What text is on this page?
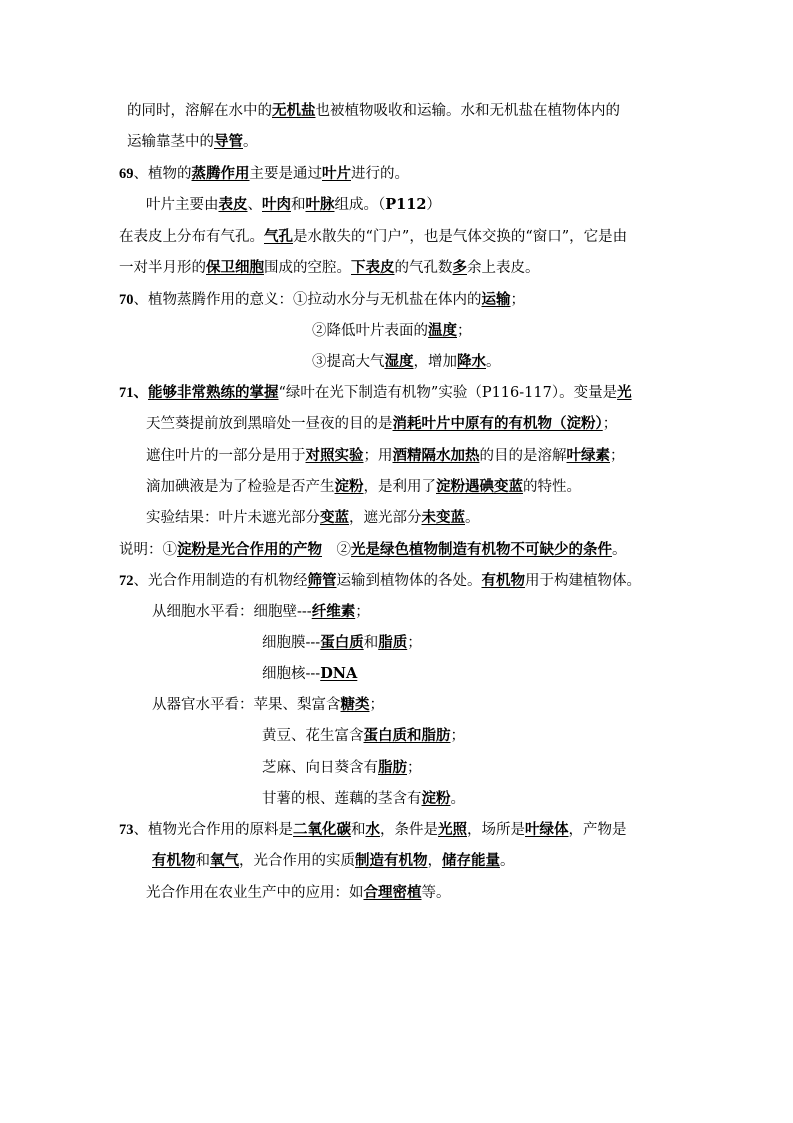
的同时，溶解在水中的无机盐也被植物吸收和运输。水和无机盐在植物体内的
运输靠茎中的导管。
69、植物的蒸腾作用主要是通过叶片进行的。
叶片主要由表皮、叶肉和叶脉组成。（P112）
在表皮上分布有气孔。气孔是水散失的“门户”，也是气体交换的“窗口”，它是由
一对半月形的保卫细胞围成的空腔。下表皮的气孔数多余上表皮。
70、植物蒸腾作用的意义：①拉动水分与无机盐在体内的运输；
②降低叶片表面的温度；
③提高大气湿度，增加降水。
71、能够非常熟练的掌握“绿叶在光下制造有机物”实验（P116-117）。变量是光
天竺葵提前放到黑暗处一昼夜的目的是消耗叶片中原有的有机物（淀粉）；
遮住叶片的一部分是用于对照实验；用酒精隔水加热的目的是溶解叶绿素；
滴加碘液是为了检验是否产生淀粉，是利用了淀粉遇碘变蓝的特性。
实验结果：叶片未遮光部分变蓝，遮光部分未变蓝。
说明：①淀粉是光合作用的产物　②光是绿色植物制造有机物不可缺少的条件。
72、光合作用制造的有机物经筛管运输到植物体的各处。有机物用于构建植物体。
从细胞水平看：细胞壁---纤维素；
细胞膜---蛋白质和脂质；
细胞核---DNA
从器官水平看：苹果、梨富含糖类；
黄豆、花生富含蛋白质和脂肪；
芝麻、向日葵含有脂肪；
甘薯的根、莲藕的茎含有淀粉。
73、植物光合作用的原料是二氧化碳和水，条件是光照，场所是叶绿体，产物是
有机物和氧气，光合作用的实质制造有机物，储存能量。
光合作用在农业生产中的应用：如合理密植等。
